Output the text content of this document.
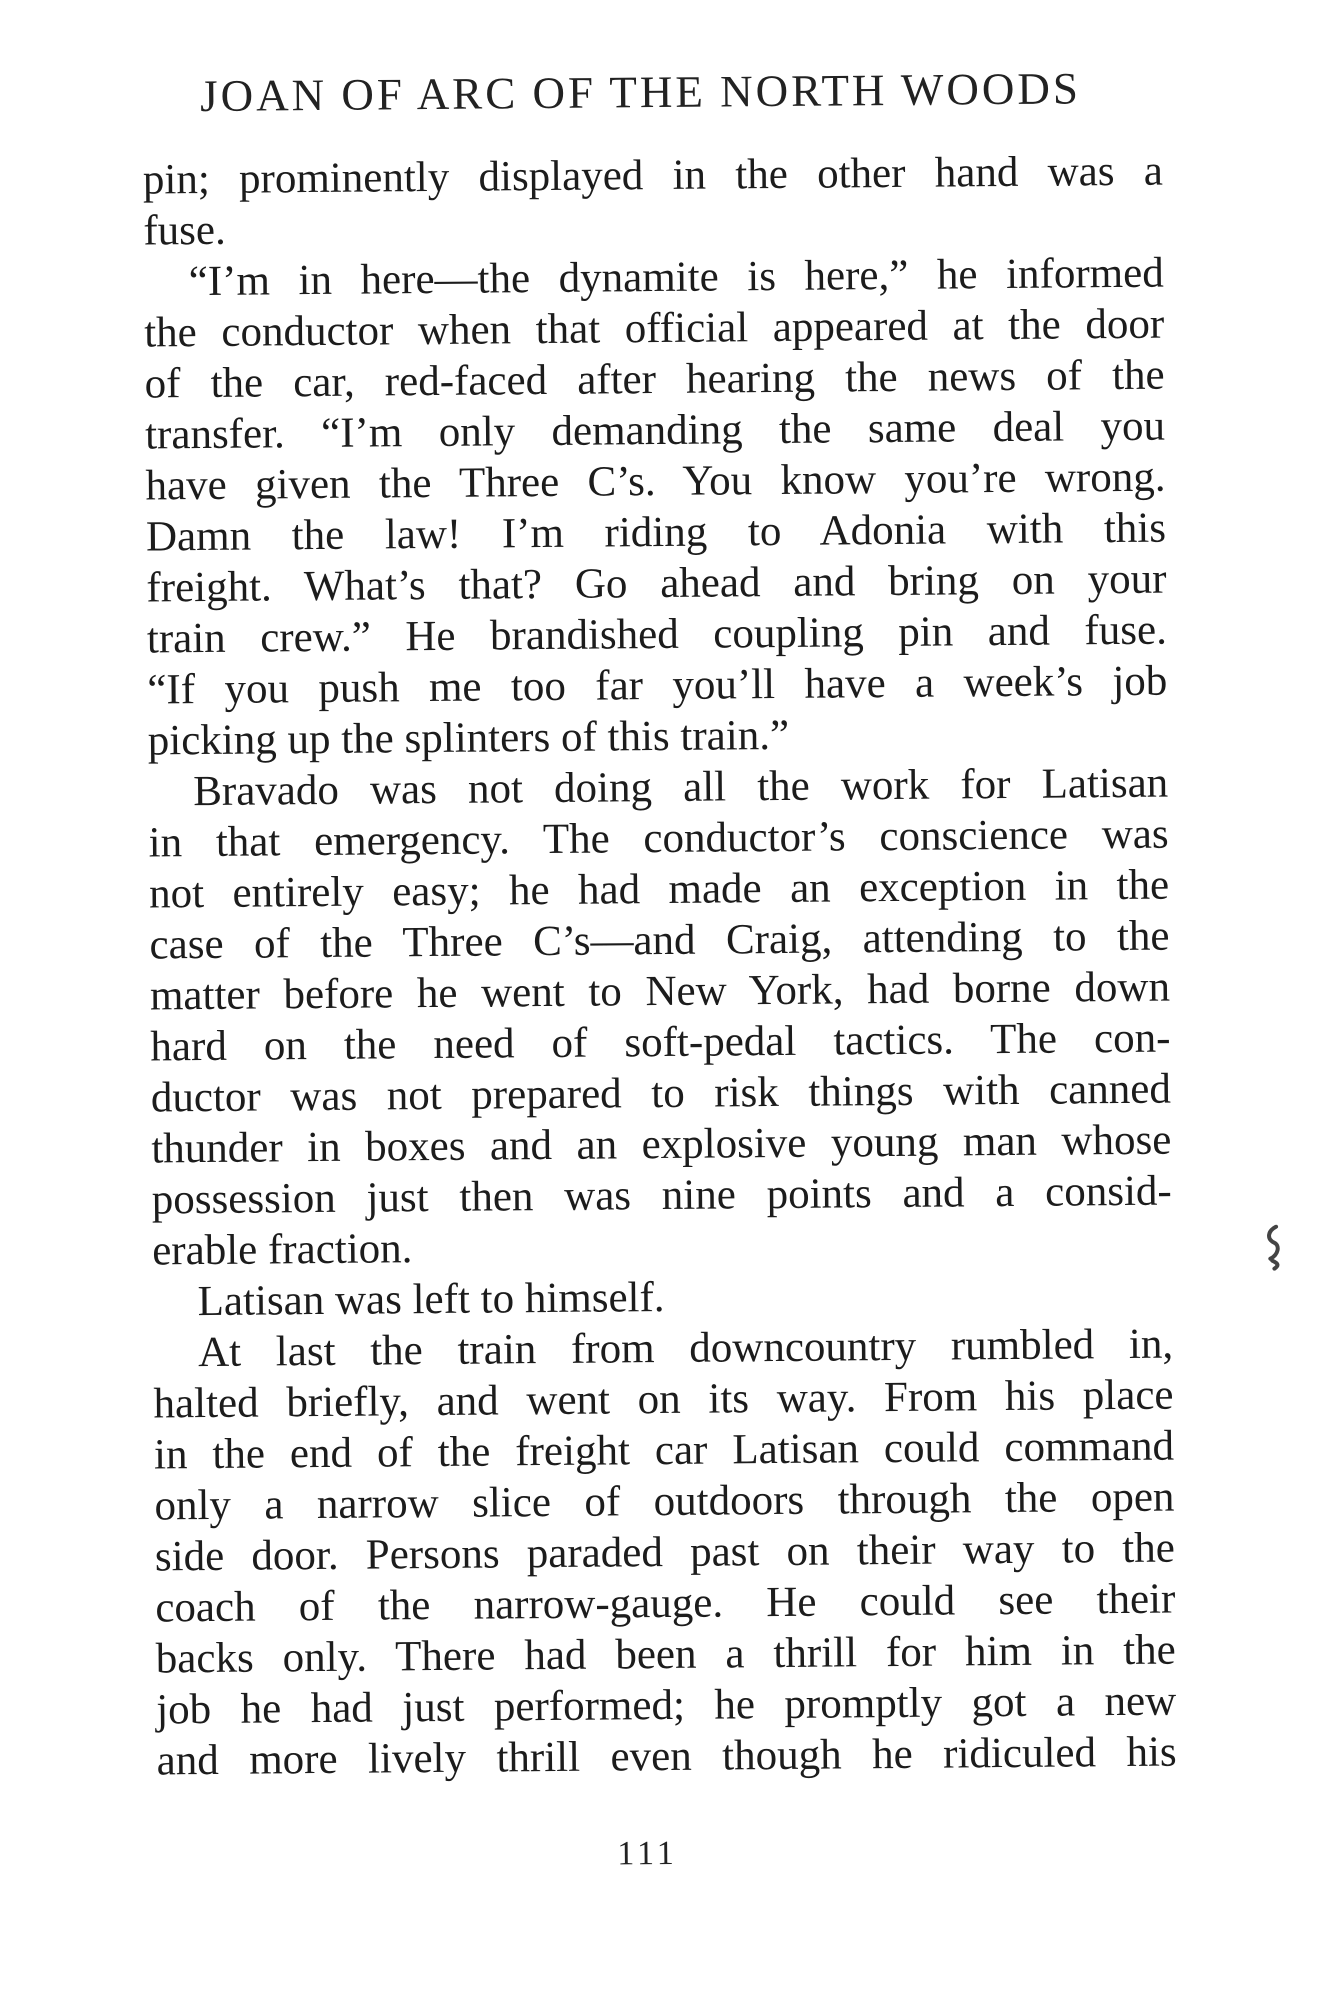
JOAN OF ARC OF THE NORTH WOODS
pin; prominently displayed in the other hand was a
fuse.
“I’m in here—the dynamite is here,” he informed
the conductor when that official appeared at the door
of the car, red-faced after hearing the news of the
transfer. “I’m only demanding the same deal you
have given the Three C’s. You know you’re wrong.
Damn the law! I’m riding to Adonia with this
freight. What’s that? Go ahead and bring on your
train crew.” He brandished coupling pin and fuse.
“If you push me too far you’ll have a week’s job
picking up the splinters of this train.”
Bravado was not doing all the work for Latisan
in that emergency. The conductor’s conscience was
not entirely easy; he had made an exception in the
case of the Three C’s—and Craig, attending to the
matter before he went to New York, had borne down
hard on the need of soft-pedal tactics. The con-
ductor was not prepared to risk things with canned
thunder in boxes and an explosive young man whose
possession just then was nine points and a consid-
erable fraction.
Latisan was left to himself.
At last the train from downcountry rumbled in,
halted briefly, and went on its way. From his place
in the end of the freight car Latisan could command
only a narrow slice of outdoors through the open
side door. Persons paraded past on their way to the
coach of the narrow-gauge. He could see their
backs only. There had been a thrill for him in the
job he had just performed; he promptly got a new
and more lively thrill even though he ridiculed his
111
